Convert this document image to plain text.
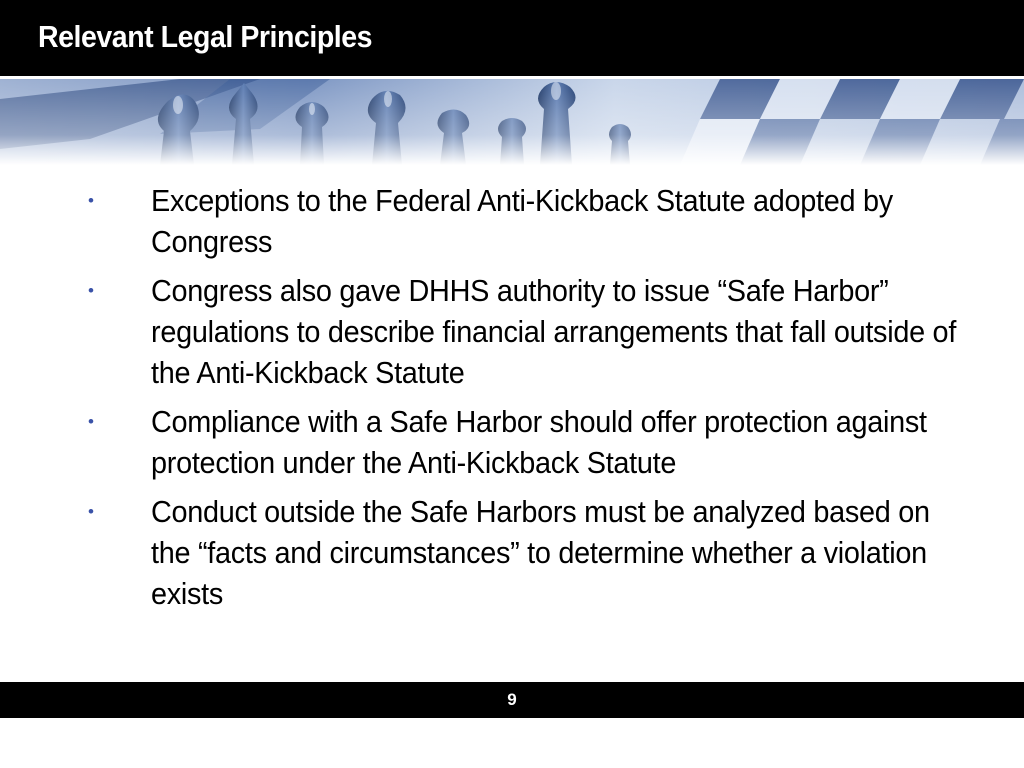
Relevant Legal Principles
• Exceptions to the Federal Anti-Kickback Statute adopted by Congress
• Congress also gave DHHS authority to issue “Safe Harbor” regulations to describe financial arrangements that fall outside of the Anti-Kickback Statute
• Compliance with a Safe Harbor should offer protection against protection under the Anti-Kickback Statute
• Conduct outside the Safe Harbors must be analyzed based on the “facts and circumstances” to determine whether a violation exists
9
